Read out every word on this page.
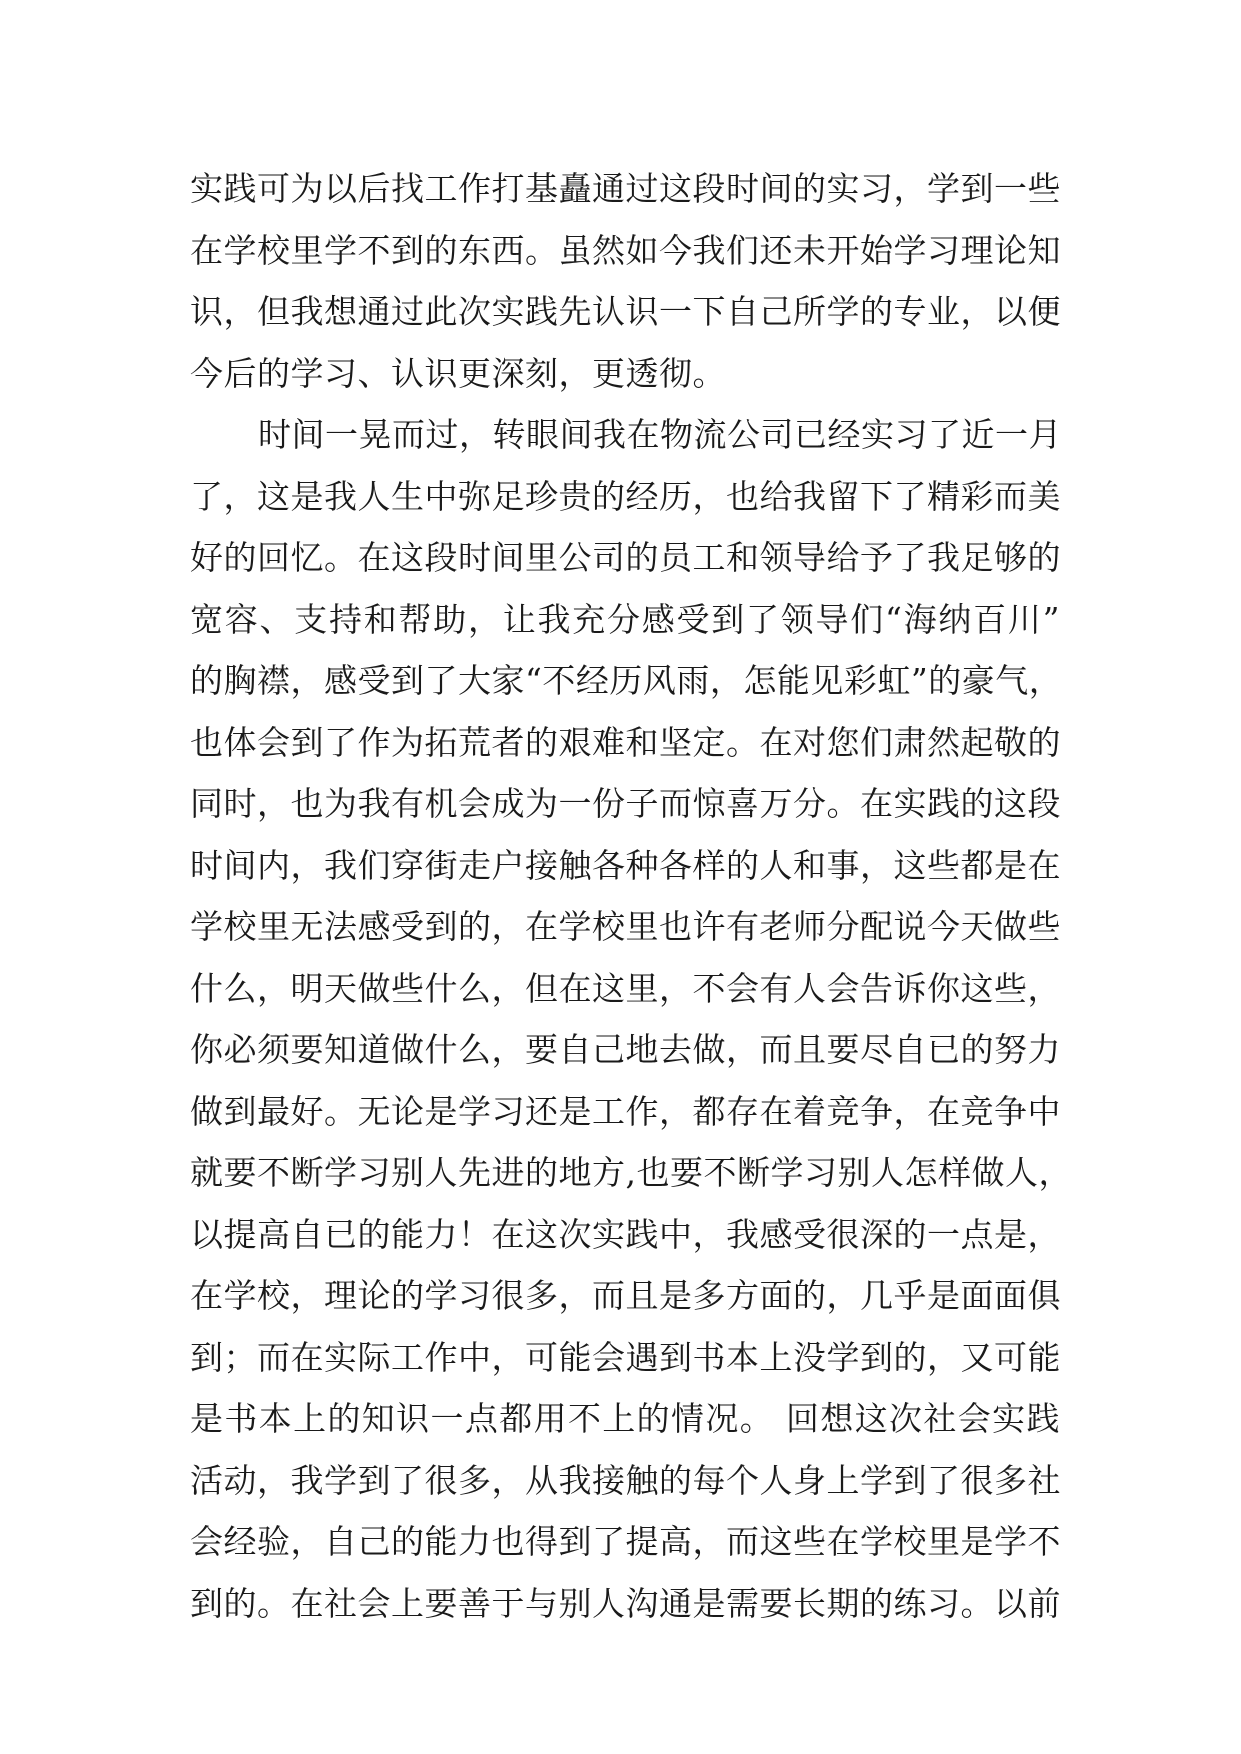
实践可为以后找工作打基矗通过这段时间的实习，学到一些
在学校里学不到的东西。虽然如今我们还未开始学习理论知
识，但我想通过此次实践先认识一下自己所学的专业，以便
今后的学习、认识更深刻，更透彻。
时间一晃而过，转眼间我在物流公司已经实习了近一月
了，这是我人生中弥足珍贵的经历，也给我留下了精彩而美
好的回忆。在这段时间里公司的员工和领导给予了我足够的
宽容、支持和帮助，让我充分感受到了领导们“海纳百川”
的胸襟，感受到了大家“不经历风雨，怎能见彩虹”的豪气，
也体会到了作为拓荒者的艰难和坚定。在对您们肃然起敬的
同时，也为我有机会成为一份子而惊喜万分。在实践的这段
时间内，我们穿街走户接触各种各样的人和事，这些都是在
学校里无法感受到的，在学校里也许有老师分配说今天做些
什么，明天做些什么，但在这里，不会有人会告诉你这些，
你必须要知道做什么，要自己地去做，而且要尽自已的努力
做到最好。无论是学习还是工作，都存在着竞争，在竞争中
就要不断学习别人先进的地方,也要不断学习别人怎样做人，
以提高自已的能力！在这次实践中，我感受很深的一点是，
在学校，理论的学习很多，而且是多方面的，几乎是面面俱
到；而在实际工作中，可能会遇到书本上没学到的，又可能
是书本上的知识一点都用不上的情况。 回想这次社会实践
活动，我学到了很多，从我接触的每个人身上学到了很多社
会经验，自己的能力也得到了提高，而这些在学校里是学不
到的。在社会上要善于与别人沟通是需要长期的练习。以前
